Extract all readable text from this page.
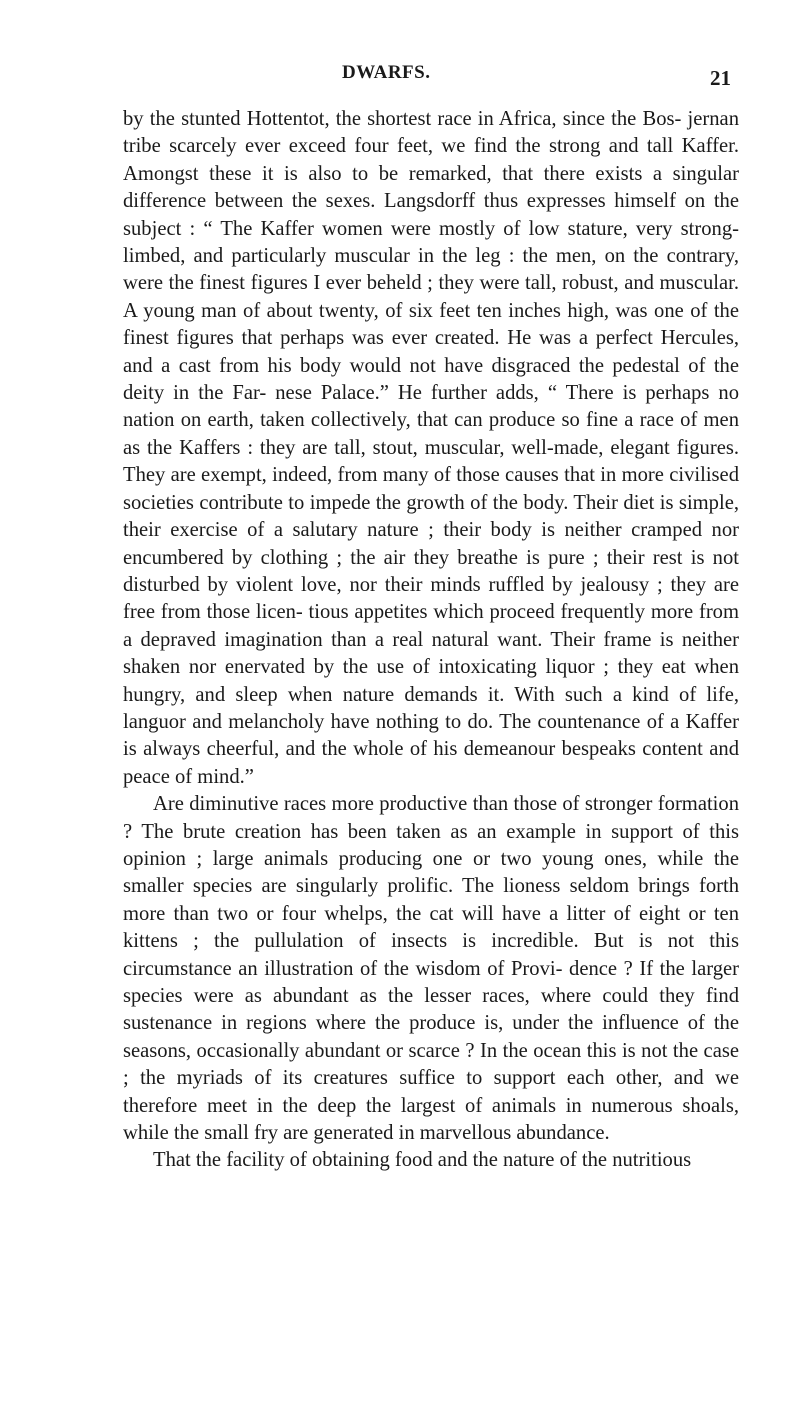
DWARFS.	21

by the stunted Hottentot, the shortest race in Africa, since the Bos- jernan tribe scarcely ever exceed four feet, we find the strong and tall Kaffer. Amongst these it is also to be remarked, that there exists a singular difference between the sexes. Langsdorff thus expresses himself on the subject : “ The Kaffer women were mostly of low stature, very strong-limbed, and particularly muscular in the leg : the men, on the contrary, were the finest figures I ever beheld ; they were tall, robust, and muscular. A young man of about twenty, of six feet ten inches high, was one of the finest figures that perhaps was ever created. He was a perfect Hercules, and a cast from his body would not have disgraced the pedestal of the deity in the Far- nese Palace.” He further adds, “ There is perhaps no nation on earth, taken collectively, that can produce so fine a race of men as the Kaffers : they are tall, stout, muscular, well-made, elegant figures. They are exempt, indeed, from many of those causes that in more civilised societies contribute to impede the growth of the body. Their diet is simple, their exercise of a salutary nature ; their body is neither cramped nor encumbered by clothing ; the air they breathe is pure ; their rest is not disturbed by violent love, nor their minds ruffled by jealousy ; they are free from those licen- tious appetites which proceed frequently more from a depraved imagination than a real natural want. Their frame is neither shaken nor enervated by the use of intoxicating liquor ; they eat when hungry, and sleep when nature demands it. With such a kind of life, languor and melancholy have nothing to do. The countenance of a Kaffer is always cheerful, and the whole of his demeanour bespeaks content and peace of mind.”

Are diminutive races more productive than those of stronger formation ? The brute creation has been taken as an example in support of this opinion ; large animals producing one or two young ones, while the smaller species are singularly prolific. The lioness seldom brings forth more than two or four whelps, the cat will have a litter of eight or ten kittens ; the pullulation of insects is incredible. But is not this circumstance an illustration of the wisdom of Provi- dence ? If the larger species were as abundant as the lesser races, where could they find sustenance in regions where the produce is, under the influence of the seasons, occasionally abundant or scarce ? In the ocean this is not the case ; the myriads of its creatures suffice to support each other, and we therefore meet in the deep the largest of animals in numerous shoals, while the small fry are generated in marvellous abundance.

That the facility of obtaining food and the nature of the nutritious
